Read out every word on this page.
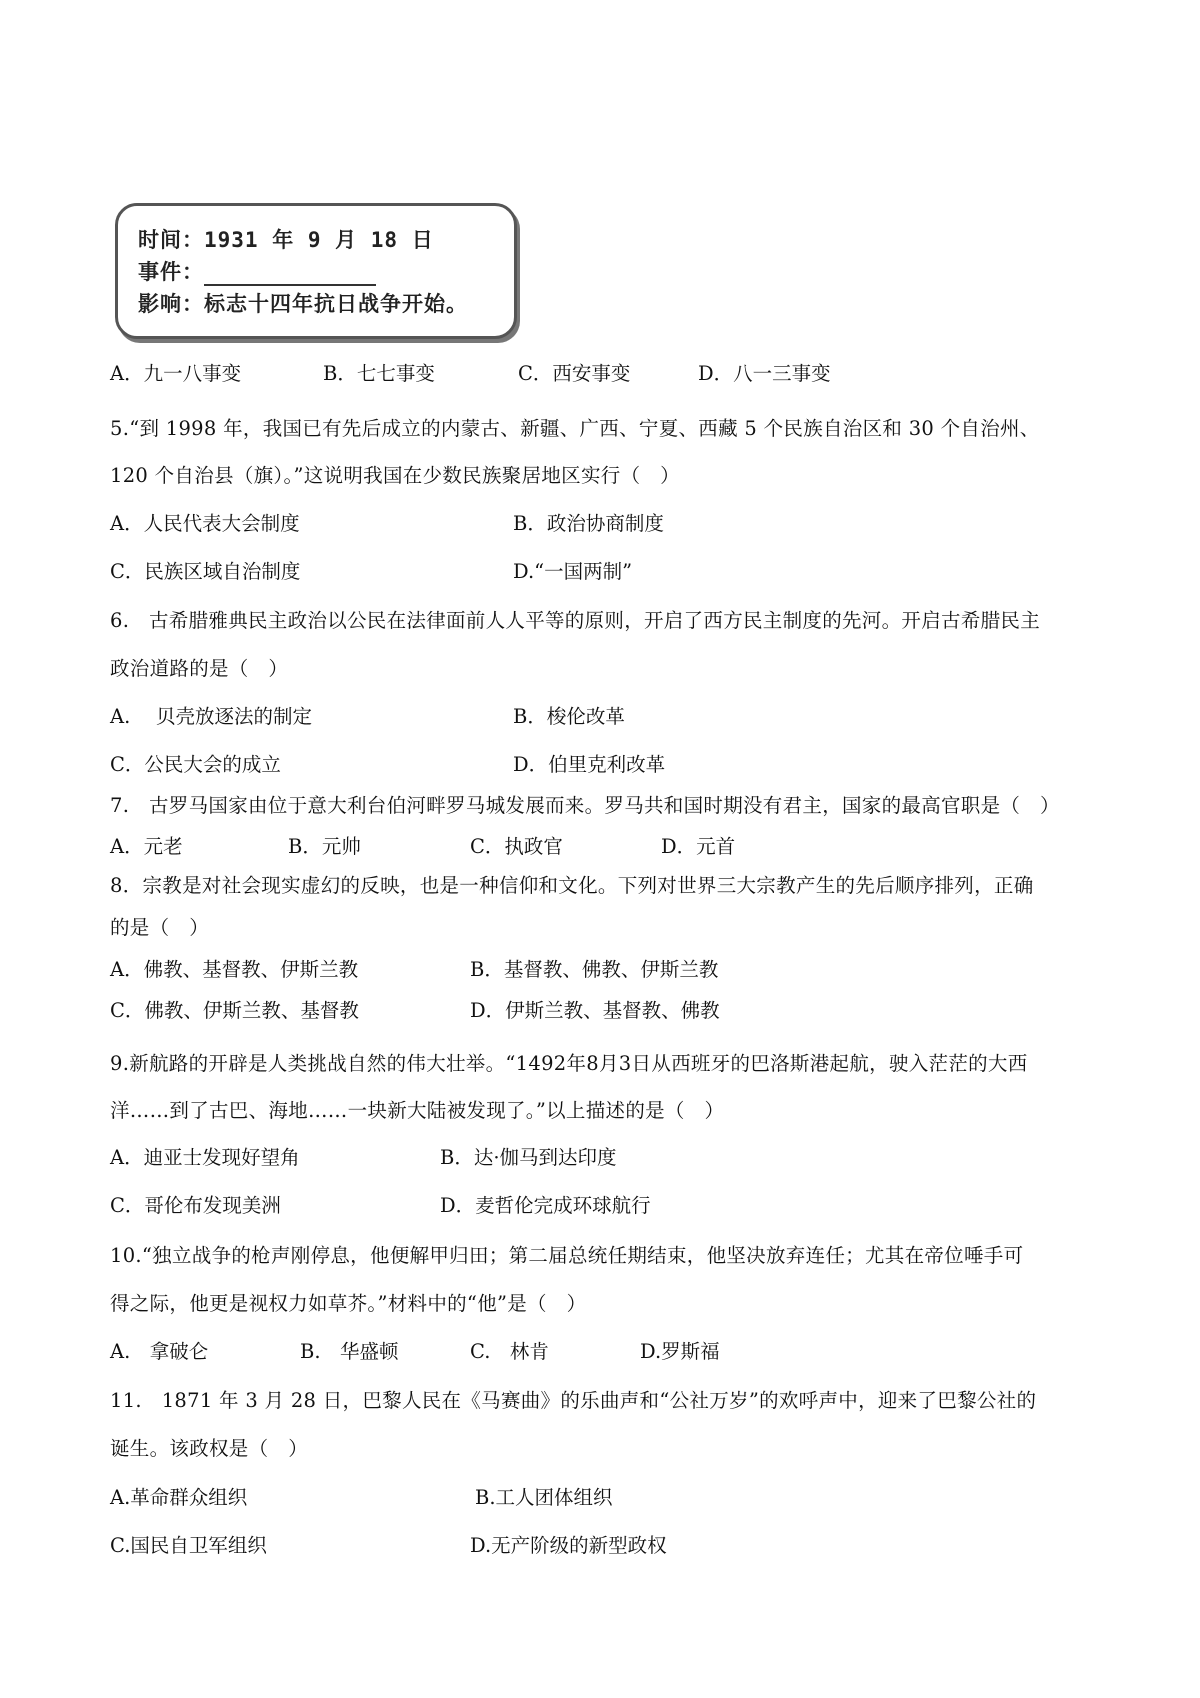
时间：1931 年 9 月 18 日
事件：
影响：标志十四年抗日战争开始。
A．九一八事变	B．七七事变	C．西安事变	D．八一三事变
5.“到 1998 年，我国已有先后成立的内蒙古、新疆、广西、宁夏、西藏 5 个民族自治区和 30 个自治州、
120 个自治县（旗）。”这说明我国在少数民族聚居地区实行（　）
A．人民代表大会制度	B．政治协商制度
C．民族区域自治制度	D.“一国两制”
6.　古希腊雅典民主政治以公民在法律面前人人平等的原则，开启了西方民主制度的先河。开启古希腊民主
政治道路的是（　）
A.　 贝壳放逐法的制定	B．梭伦改革
C．公民大会的成立	D．伯里克利改革
7.　古罗马国家由位于意大利台伯河畔罗马城发展而来。罗马共和国时期没有君主，国家的最高官职是（　）
A．元老	B．元帅	C．执政官	D．元首
8．宗教是对社会现实虚幻的反映，也是一种信仰和文化。下列对世界三大宗教产生的先后顺序排列，正确
的是（　）
A．佛教、基督教、伊斯兰教	B．基督教、佛教、伊斯兰教
C．佛教、伊斯兰教、基督教	D．伊斯兰教、基督教、佛教
9.新航路的开辟是人类挑战自然的伟大壮举。“1492年8月3日从西班牙的巴洛斯港起航，驶入茫茫的大西
洋……到了古巴、海地……一块新大陆被发现了。”以上描述的是（　）
A．迪亚士发现好望角	B．达·伽马到达印度
C．哥伦布发现美洲	D．麦哲伦完成环球航行
10.“独立战争的枪声刚停息，他便解甲归田；第二届总统任期结束，他坚决放弃连任；尤其在帝位唾手可
得之际，他更是视权力如草芥。”材料中的“他”是（　）
A.　拿破仑	B.　华盛顿	C.　林肯	D.罗斯福
11.　1871 年 3 月 28 日，巴黎人民在《马赛曲》的乐曲声和“公社万岁”的欢呼声中，迎来了巴黎公社的
诞生。该政权是（　）
A.革命群众组织	B.工人团体组织
C.国民自卫军组织	D.无产阶级的新型政权
